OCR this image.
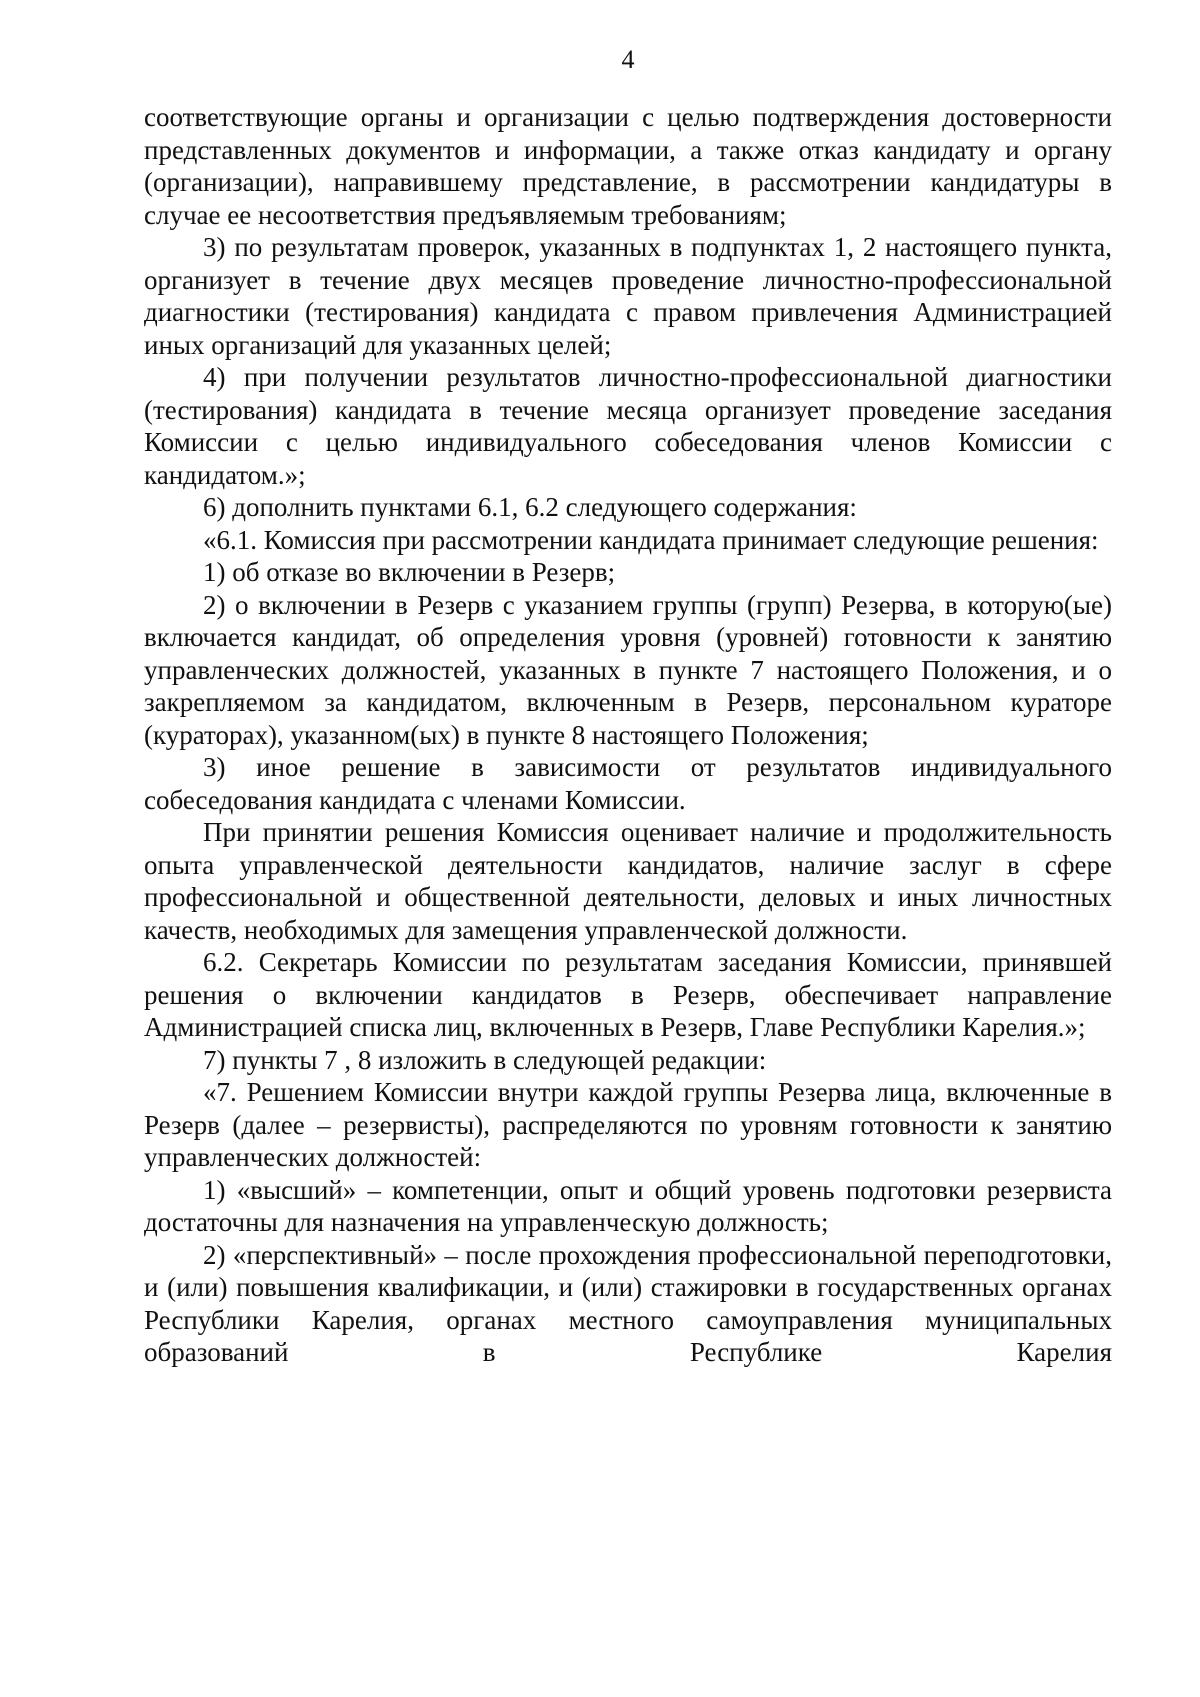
4

соответствующие органы и организации с целью подтверждения достоверности представленных документов и информации, а также отказ кандидату и органу (организации), направившему представление, в рассмотрении кандидатуры в случае ее несоответствия предъявляемым требованиям;

3) по результатам проверок, указанных в подпунктах 1, 2 настоящего пункта, организует в течение двух месяцев проведение личностно-профессиональной диагностики (тестирования) кандидата с правом привлечения Администрацией иных организаций для указанных целей;

4) при получении результатов личностно-профессиональной диагностики (тестирования) кандидата в течение месяца организует проведение заседания Комиссии с целью индивидуального собеседования членов Комиссии с кандидатом.»;

6) дополнить пунктами 6.1, 6.2 следующего содержания:

«6.1. Комиссия при рассмотрении кандидата принимает следующие решения:

1) об отказе во включении в Резерв;

2) о включении в Резерв с указанием группы (групп) Резерва, в которую(ые) включается кандидат, об определения уровня (уровней) готовности к занятию управленческих должностей, указанных в пункте 7 настоящего Положения, и о закрепляемом за кандидатом, включенным в Резерв, персональном кураторе (кураторах), указанном(ых) в пункте 8 настоящего Положения;

3) иное решение в зависимости от результатов индивидуального собеседования кандидата с членами Комиссии.

При принятии решения Комиссия оценивает наличие и продолжительность опыта управленческой деятельности кандидатов, наличие заслуг в сфере профессиональной и общественной деятельности, деловых и иных личностных качеств, необходимых для замещения управленческой должности.

6.2. Секретарь Комиссии по результатам заседания Комиссии, принявшей решения о включении кандидатов в Резерв, обеспечивает направление Администрацией списка лиц, включенных в Резерв, Главе Республики Карелия.»;

7) пункты 7 , 8 изложить в следующей редакции:

«7. Решением Комиссии внутри каждой группы Резерва лица, включенные в Резерв (далее – резервисты), распределяются по уровням готовности к занятию управленческих должностей:

1) «высший» – компетенции, опыт и общий уровень подготовки резервиста достаточны для назначения на управленческую должность;

2) «перспективный» – после прохождения профессиональной переподготовки, и (или) повышения квалификации, и (или) стажировки в государственных органах Республики Карелия, органах местного самоуправления муниципальных образований в Республике Карелия
